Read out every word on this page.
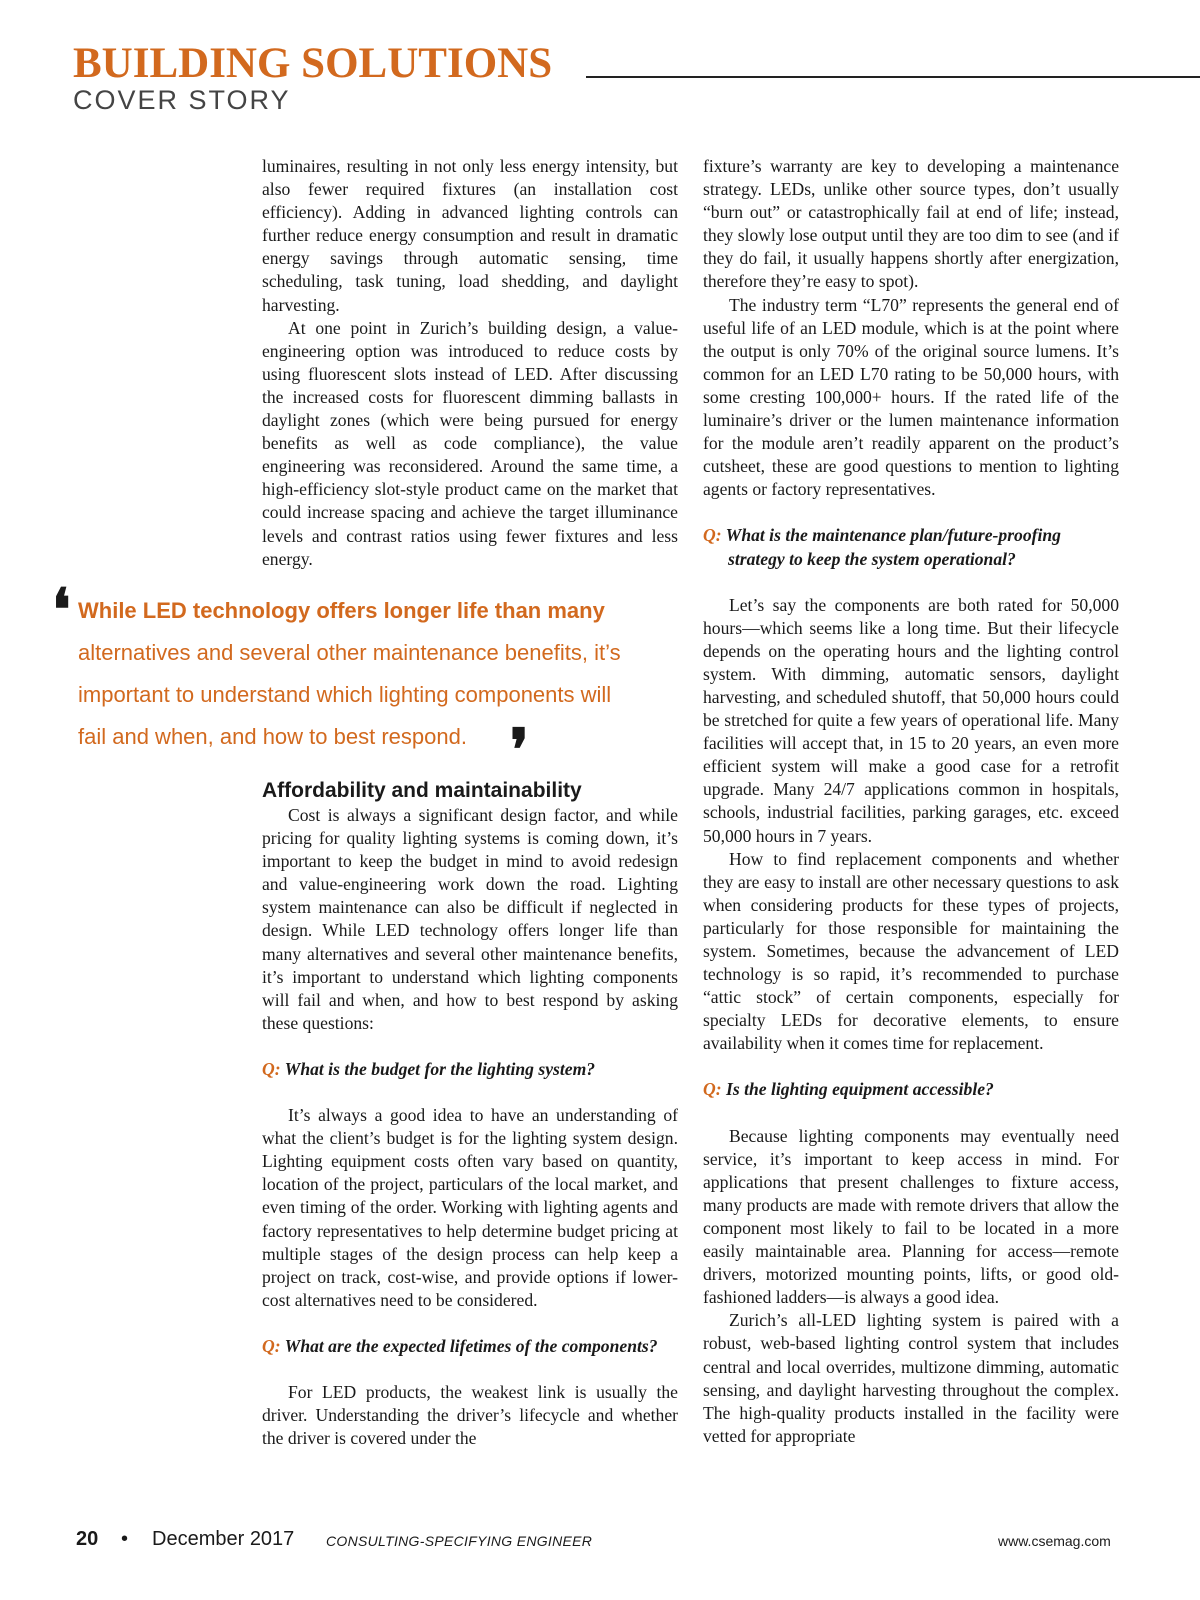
BUILDING SOLUTIONS
COVER STORY

luminaires, resulting in not only less energy intensity, but also fewer required fixtures (an installation cost efficiency). Adding in advanced lighting controls can further reduce energy consumption and result in dramatic energy savings through automatic sensing, time scheduling, task tuning, load shedding, and daylight harvesting.

At one point in Zurich’s building design, a value-engineering option was introduced to reduce costs by using fluorescent slots instead of LED. After discussing the increased costs for fluorescent dimming ballasts in daylight zones (which were being pursued for energy benefits as well as code compliance), the value engineering was reconsidered. Around the same time, a high-efficiency slot-style product came on the market that could increase spacing and achieve the target illuminance levels and contrast ratios using fewer fixtures and less energy.

❛ While LED technology offers longer life than many
alternatives and several other maintenance benefits, it’s
important to understand which lighting components will
fail and when, and how to best respond. ❜

Affordability and maintainability

Cost is always a significant design factor, and while pricing for quality lighting systems is coming down, it’s important to keep the budget in mind to avoid redesign and value-engineering work down the road. Lighting system maintenance can also be difficult if neglected in design. While LED technology offers longer life than many alternatives and several other maintenance benefits, it’s important to understand which lighting components will fail and when, and how to best respond by asking these questions:

Q: What is the budget for the lighting system?

It’s always a good idea to have an understanding of what the client’s budget is for the lighting system design. Lighting equipment costs often vary based on quantity, location of the project, particulars of the local market, and even timing of the order. Working with lighting agents and factory representatives to help determine budget pricing at multiple stages of the design process can help keep a project on track, cost-wise, and provide options if lower-cost alternatives need to be considered.

Q: What are the expected lifetimes of the components?

For LED products, the weakest link is usually the driver. Understanding the driver’s lifecycle and whether the driver is covered under the

fixture’s warranty are key to developing a maintenance strategy. LEDs, unlike other source types, don’t usually “burn out” or catastrophically fail at end of life; instead, they slowly lose output until they are too dim to see (and if they do fail, it usually happens shortly after energization, therefore they’re easy to spot).

The industry term “L70” represents the general end of useful life of an LED module, which is at the point where the output is only 70% of the original source lumens. It’s common for an LED L70 rating to be 50,000 hours, with some cresting 100,000+ hours. If the rated life of the luminaire’s driver or the lumen maintenance information for the module aren’t readily apparent on the product’s cutsheet, these are good questions to mention to lighting agents or factory representatives.

Q: What is the maintenance plan/future-proofing strategy to keep the system operational?

Let’s say the components are both rated for 50,000 hours—which seems like a long time. But their lifecycle depends on the operating hours and the lighting control system. With dimming, automatic sensors, daylight harvesting, and scheduled shutoff, that 50,000 hours could be stretched for quite a few years of operational life. Many facilities will accept that, in 15 to 20 years, an even more efficient system will make a good case for a retrofit upgrade. Many 24/7 applications common in hospitals, schools, industrial facilities, parking garages, etc. exceed 50,000 hours in 7 years.

How to find replacement components and whether they are easy to install are other necessary questions to ask when considering products for these types of projects, particularly for those responsible for maintaining the system. Sometimes, because the advancement of LED technology is so rapid, it’s recommended to purchase “attic stock” of certain components, especially for specialty LEDs for decorative elements, to ensure availability when it comes time for replacement.

Q: Is the lighting equipment accessible?

Because lighting components may eventually need service, it’s important to keep access in mind. For applications that present challenges to fixture access, many products are made with remote drivers that allow the component most likely to fail to be located in a more easily maintainable area. Planning for access—remote drivers, motorized mounting points, lifts, or good old-fashioned ladders—is always a good idea.

Zurich’s all-LED lighting system is paired with a robust, web-based lighting control system that includes central and local overrides, multizone dimming, automatic sensing, and daylight harvesting throughout the complex. The high-quality products installed in the facility were vetted for appropriate

20 • December 2017 CONSULTING-SPECIFYING ENGINEER	www.csemag.com
